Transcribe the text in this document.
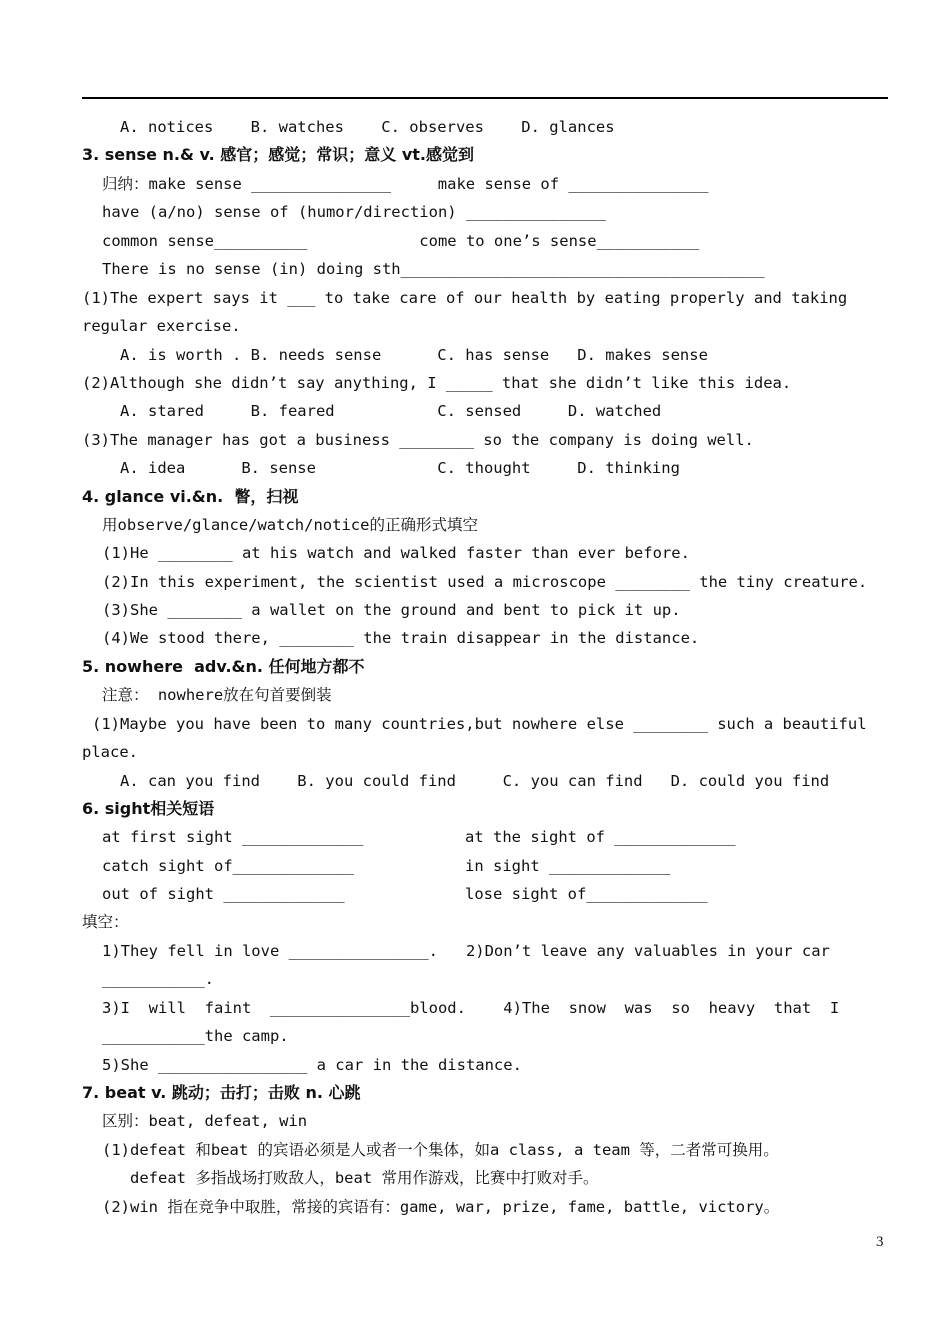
A. notices    B. watches    C. observes    D. glances
3. sense n.& v. 感官；感觉；常识；意义 vt.感觉到
归纳：make sense _______________     make sense of _______________
have (a/no) sense of (humor/direction) _______________
common sense__________            come to one’s sense___________
There is no sense (in) doing sth_______________________________________
(1)The expert says it ___ to take care of our health by eating properly and taking
regular exercise.
A. is worth . B. needs sense      C. has sense   D. makes sense
(2)Although she didn’t say anything, I _____ that she didn’t like this idea.
A. stared     B. feared           C. sensed     D. watched
(3)The manager has got a business ________ so the company is doing well.
A. idea      B. sense             C. thought     D. thinking
4. glance vi.&n.  瞥，扫视
用observe/glance/watch/notice的正确形式填空
(1)He ________ at his watch and walked faster than ever before.
(2)In this experiment, the scientist used a microscope ________ the tiny creature.
(3)She ________ a wallet on the ground and bent to pick it up.
(4)We stood there, ________ the train disappear in the distance.
5. nowhere  adv.&n. 任何地方都不
注意： nowhere放在句首要倒装
(1)Maybe you have been to many countries,but nowhere else ________ such a beautiful
place.
A. can you find    B. you could find     C. you can find   D. could you find
6. sight相关短语
at first sight _____________	at the sight of _____________
catch sight of_____________	in sight _____________
out of sight _____________	lose sight of_____________
填空：
1)They fell in love _______________.   2)Don’t leave any valuables in your car
___________.
3)I  will  faint  _______________blood.    4)The  snow  was  so  heavy  that  I
___________the camp.
5)She ________________ a car in the distance.
7. beat v. 跳动；击打；击败 n. 心跳
区别：beat, defeat, win
(1)defeat 和beat 的宾语必须是人或者一个集体，如a class, a team 等，二者常可换用。
defeat 多指战场打败敌人，beat 常用作游戏，比赛中打败对手。
(2)win 指在竞争中取胜，常接的宾语有：game, war, prize, fame, battle, victory。
3
